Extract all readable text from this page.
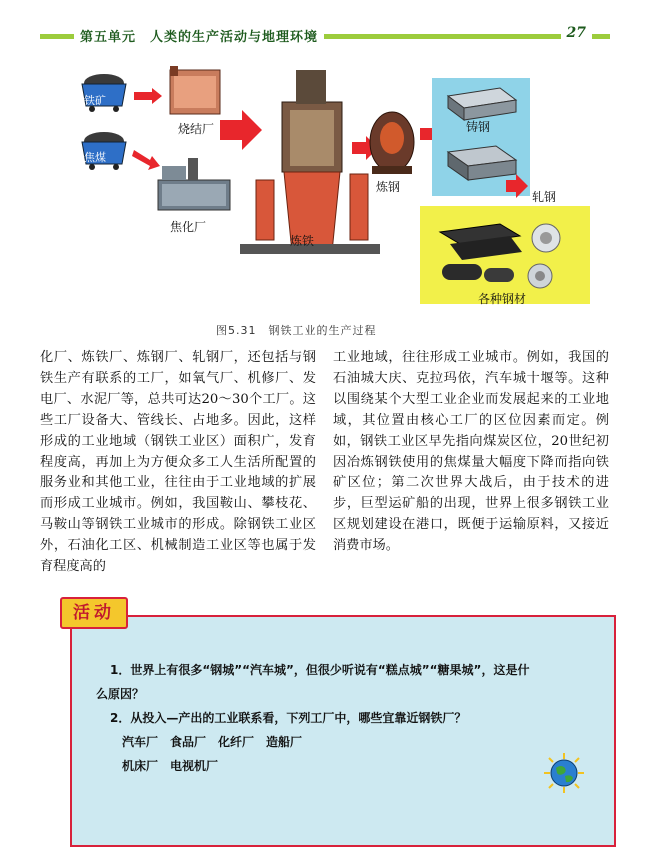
第五单元　人类的生产活动与地理环境	27
铁矿
焦煤
烧结厂
焦化厂
炼铁
炼钢
铸钢
轧钢
各种钢材
图5.31　钢铁工业的生产过程
化厂、炼铁厂、炼钢厂、轧钢厂，还包括与钢铁生产有联系的工厂，如氧气厂、机修厂、发电厂、水泥厂等，总共可达20～30个工厂。这些工厂设备大、管线长、占地多。因此，这样形成的工业地域（钢铁工业区）面积广，发育程度高，再加上为方便众多工人生活所配置的服务业和其他工业，往往由于工业地域的扩展而形成工业城市。例如，我国鞍山、攀枝花、马鞍山等钢铁工业城市的形成。除钢铁工业区外，石油化工区、机械制造工业区等也属于发育程度高的
工业地域，往往形成工业城市。例如，我国的石油城大庆、克拉玛依，汽车城十堰等。这种以围绕某个大型工业企业而发展起来的工业地域，其位置由核心工厂的区位因素而定。例如，钢铁工业区早先指向煤炭区位，20世纪初因冶炼钢铁使用的焦煤量大幅度下降而指向铁矿区位；第二次世界大战后，由于技术的进步，巨型运矿船的出现，世界上很多钢铁工业区规划建设在港口，既便于运输原料，又接近消费市场。
1．世界上有很多“钢城”“汽车城”，但很少听说有“糕点城”“糖果城”，这是什
么原因？
2．从投入—产出的工业联系看，下列工厂中，哪些宜靠近钢铁厂？
汽车厂　食品厂　化纤厂　造船厂
机床厂　电视机厂
活动
